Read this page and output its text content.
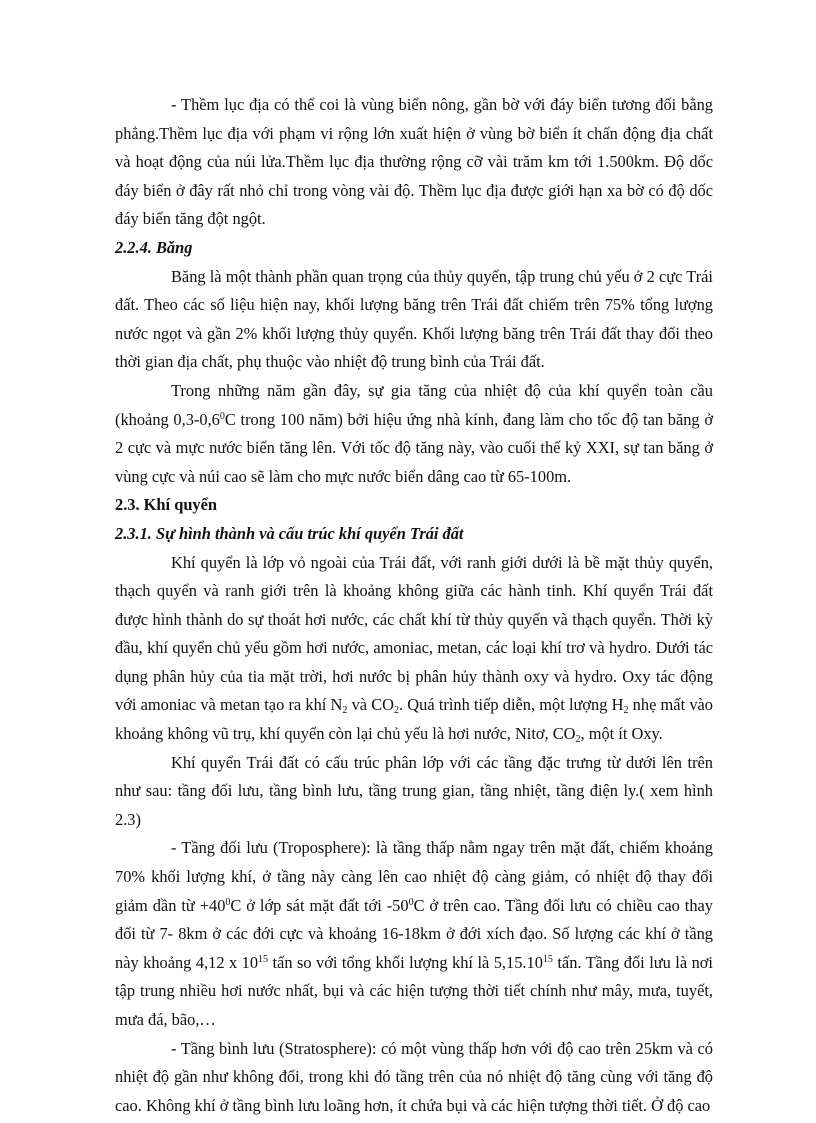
- Thềm lục địa có thể coi là vùng biển nông, gần bờ với đáy biển tương đối bằng phẳng.Thềm lục địa với phạm vi rộng lớn xuất hiện ở vùng bờ biển ít chấn động địa chất và hoạt động của núi lửa.Thềm lục địa thường rộng cỡ vài trăm km tới 1.500km. Độ dốc đáy biển ở đây rất nhỏ chỉ trong vòng vài độ. Thềm lục địa được giới hạn xa bờ có độ dốc đáy biển tăng đột ngột.

2.2.4. Băng

Băng là một thành phần quan trọng của thủy quyển, tập trung chủ yếu ở 2 cực Trái đất. Theo các số liệu hiện nay, khối lượng băng trên Trái đất chiếm trên 75% tổng lượng nước ngọt và gần 2% khối lượng thủy quyển. Khối lượng băng trên Trái đất thay đổi theo thời gian địa chất, phụ thuộc vào nhiệt độ trung bình của Trái đất.

Trong những năm gần đây, sự gia tăng của nhiệt độ của khí quyển toàn cầu (khoảng $0,3-0,6^0C$ trong 100 năm) bởi hiệu ứng nhà kính, đang làm cho tốc độ tan băng ở 2 cực và mực nước biển tăng lên. Với tốc độ tăng này, vào cuối thế kỷ XXI, sự tan băng ở vùng cực và núi cao sẽ làm cho mực nước biển dâng cao từ 65-100m.

2.3. Khí quyển

2.3.1. Sự hình thành và cấu trúc khí quyển Trái đất

Khí quyển là lớp vỏ ngoài của Trái đất, với ranh giới dưới là bề mặt thủy quyển, thạch quyển và ranh giới trên là khoảng không giữa các hành tinh. Khí quyển Trái đất được hình thành do sự thoát hơi nước, các chất khí từ thủy quyển và thạch quyển. Thời kỳ đầu, khí quyển chủ yếu gồm hơi nước, amoniac, metan, các loại khí trơ và hydro. Dưới tác dụng phân hủy của tia mặt trời, hơi nước bị phân hủy thành oxy và hydro. Oxy tác động với amoniac và metan tạo ra khí $N_2$ và $CO_2$. Quá trình tiếp diễn, một lượng $H_2$ nhẹ mất vào khoảng không vũ trụ, khí quyển còn lại chủ yếu là hơi nước, Nitơ, $CO_2$, một ít Oxy.

Khí quyển Trái đất có cấu trúc phân lớp với các tầng đặc trưng từ dưới lên trên như sau: tầng đối lưu, tầng bình lưu, tầng trung gian, tầng nhiệt, tầng điện ly.( xem hình 2.3)

- Tầng đối lưu (Troposphere): là tầng thấp nằm ngay trên mặt đất, chiếm khoảng 70% khối lượng khí, ở tầng này càng lên cao nhiệt độ càng giảm, có nhiệt độ thay đổi giảm dần từ $+40^0C$ ở lớp sát mặt đất tới $-50^0C$ ở trên cao. Tầng đối lưu có chiều cao thay đổi từ 7- 8km ở các đới cực và khoảng 16-18km ở đới xích đạo. Số lượng các khí ở tầng này khoảng 4,12 x $10^{15}$ tấn so với tổng khối lượng khí là 5,15.10$^{15}$ tấn. Tầng đối lưu là nơi tập trung nhiều hơi nước nhất, bụi và các hiện tượng thời tiết chính như mây, mưa, tuyết, mưa đá, bão,…

- Tầng bình lưu (Stratosphere): có một vùng thấp hơn với độ cao trên 25km và có nhiệt độ gần như không đổi, trong khi đó tầng trên của nó nhiệt độ tăng cùng với tăng độ cao. Không khí ở tầng bình lưu loãng hơn, ít chứa bụi và các hiện tượng thời tiết. Ở độ cao
